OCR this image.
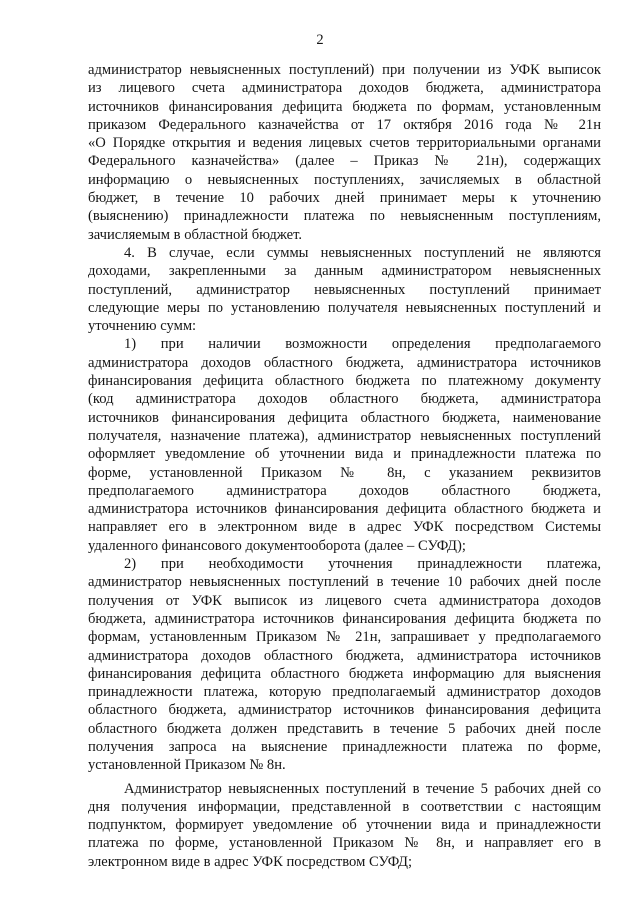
2
администратор невыясненных поступлений) при получении из УФК выписок
из лицевого счета администратора доходов бюджета, администратора
источников финансирования дефицита бюджета по формам, установленным
приказом Федерального казначейства от 17 октября 2016 года № 21н
«О Порядке открытия и ведения лицевых счетов территориальными органами
Федерального казначейства» (далее – Приказ № 21н), содержащих
информацию о невыясненных поступлениях, зачисляемых в областной
бюджет, в течение 10 рабочих дней принимает меры к уточнению
(выяснению) принадлежности платежа по невыясненным поступлениям,
зачисляемым в областной бюджет.
4. В случае, если суммы невыясненных поступлений не являются
доходами, закрепленными за данным администратором невыясненных
поступлений, администратор невыясненных поступлений принимает
следующие меры по установлению получателя невыясненных поступлений и
уточнению сумм:
1) при наличии возможности определения предполагаемого
администратора доходов областного бюджета, администратора источников
финансирования дефицита областного бюджета по платежному документу
(код администратора доходов областного бюджета, администратора
источников финансирования дефицита областного бюджета, наименование
получателя, назначение платежа), администратор невыясненных поступлений
оформляет уведомление об уточнении вида и принадлежности платежа по
форме, установленной Приказом № 8н, с указанием реквизитов
предполагаемого администратора доходов областного бюджета,
администратора источников финансирования дефицита областного бюджета и
направляет его в электронном виде в адрес УФК посредством Системы
удаленного финансового документооборота (далее – СУФД);
2) при необходимости уточнения принадлежности платежа,
администратор невыясненных поступлений в течение 10 рабочих дней после
получения от УФК выписок из лицевого счета администратора доходов
бюджета, администратора источников финансирования дефицита бюджета по
формам, установленным Приказом № 21н, запрашивает у предполагаемого
администратора доходов областного бюджета, администратора источников
финансирования дефицита областного бюджета информацию для выяснения
принадлежности платежа, которую предполагаемый администратор доходов
областного бюджета, администратор источников финансирования дефицита
областного бюджета должен представить в течение 5 рабочих дней после
получения запроса на выяснение принадлежности платежа по форме,
установленной Приказом № 8н.
Администратор невыясненных поступлений в течение 5 рабочих дней со
дня получения информации, представленной в соответствии с настоящим
подпунктом, формирует уведомление об уточнении вида и принадлежности
платежа по форме, установленной Приказом № 8н, и направляет его в
электронном виде в адрес УФК посредством СУФД;
